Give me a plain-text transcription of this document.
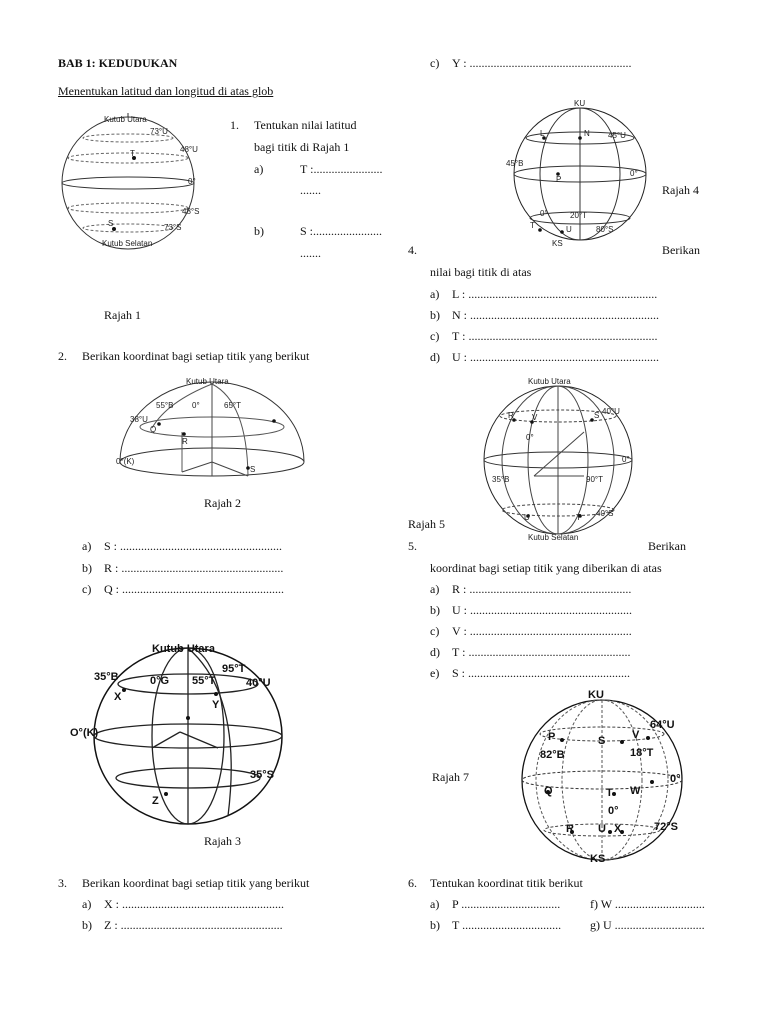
BAB 1: KEDUDUKAN
Menentukan latitud dan longitud di atas glob
Kutub Utara
73°U
48°U
0°
48°S
73°S
T
S
Kutub Selatan
1. Tentukan nilai latitud
bagi titik di Rajah 1
a)	T :.......................
.......
b)	S :.......................
.......
Rajah 1
2. Berikan koordinat bagi setiap titik yang berikut
Kutub Utara
55°B 0°	65°T
38°U
Q
R
0°(K)
S
Rajah 2
a) S : ......................................................
b) R : ......................................................
c) Q : ......................................................
Kutub Utara
35°B	0°G 55°T
95°T
40°U
X
Y
O°(K)
35°S
Z
Rajah 3
3. Berikan koordinat bagi setiap titik yang berikut
a) X : ......................................................
b) Z : ......................................................
c) Y : ......................................................
KU
L	N 45°U
45°B
P
0°
0°	20°T
T	U	80°S
KS
Rajah 4
4.	Berikan
nilai bagi titik di atas
a) L : ...............................................................
b) N : ...............................................................
c) T : ...............................................................
d) U : ...............................................................
Kutub Utara
40°U
R V	S
0°
0°
35°B	90°T
U	T 40°S
Kutub Selatan
Rajah 5
5.	Berikan
koordinat bagi setiap titik yang diberikan di atas
a) R : ......................................................
b) U : ......................................................
c) V : ......................................................
d) T : ......................................................
e) S : ......................................................
KU
64°U
P	S V
82°B	18°T
0°
Q	T W
0°
R U X	72°S
KS
Rajah 7
6. Tentukan koordinat titik berikut
a) P ................................. f) W ..............................
b) T ................................. g) U ..............................
